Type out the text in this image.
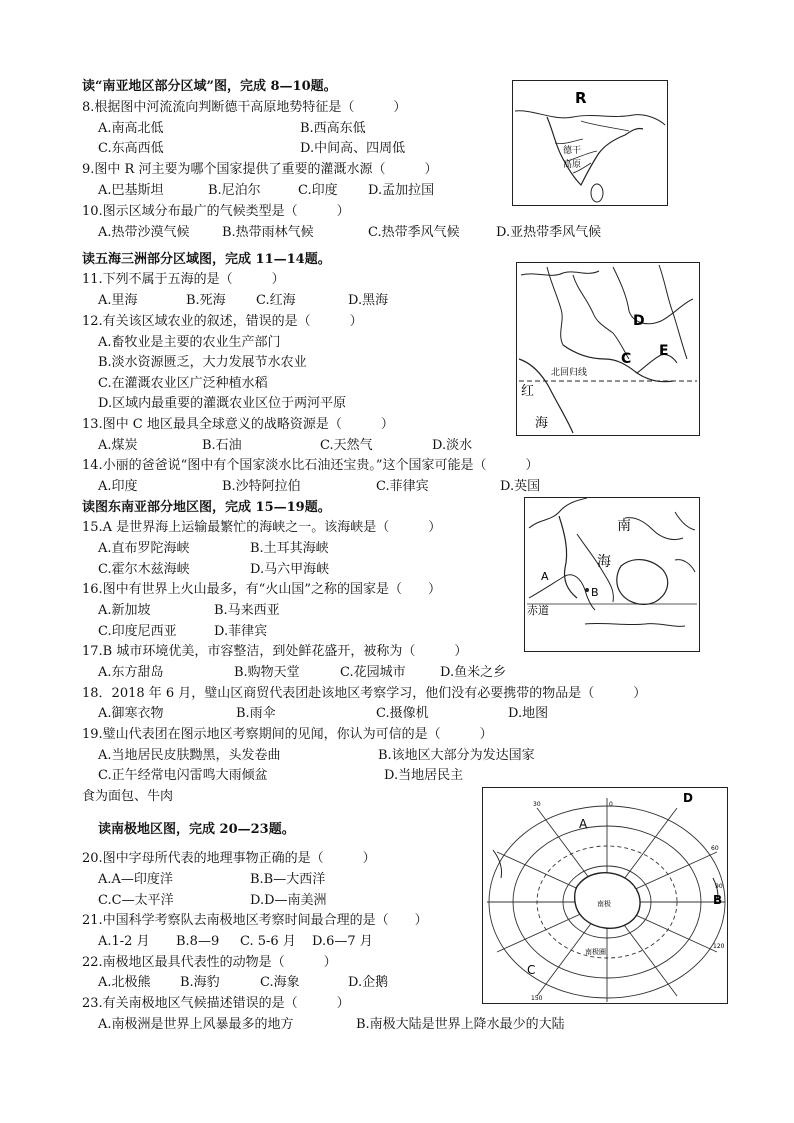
读“南亚地区部分区域”图，完成 8—10题。
8.根据图中河流流向判断德干高原地势特征是（　　　）
A.南高北低	B.西高东低
C.东高西低	D.中间高、四周低
9.图中 R 河主要为哪个国家提供了重要的灌溉水源（　　　）
A.巴基斯坦	B.尼泊尔	C.印度 D.孟加拉国
10.图示区域分布最广的气候类型是（　　　）
A.热带沙漠气候 B.热带雨林气候	C.热带季风气候	D.亚热带季风气候
R
德干
高原
读五海三洲部分区域图，完成 11—14题。
11.下列不属于五海的是（　　　）
A.里海	B.死海 C.红海	D.黑海
12.有关该区域农业的叙述，错误的是（　　　）
A.畜牧业是主要的农业生产部门
B.淡水资源匮乏，大力发展节水农业
C.在灌溉农业区广泛种植水稻
D.区域内最重要的灌溉农业区位于两河平原
13.图中 C 地区最具全球意义的战略资源是（　　　）
A.煤炭	B.石油	C.天然气	D.淡水
14.小丽的爸爸说“图中有个国家淡水比石油还宝贵。”这个国家可能是（　　　）
A.印度	B.沙特阿拉伯	C.菲律宾	D.英国
D
C E
北回归线
红
海
读图东南亚部分地区图，完成 15—19题。
15.A 是世界海上运输最繁忙的海峡之一。该海峡是（　　　）
A.直布罗陀海峡	B.土耳其海峡
C.霍尔木兹海峡	D.马六甲海峡
16.图中有世界上火山最多，有“火山国”之称的国家是（　　）
A.新加坡	B.马来西亚
C.印度尼西亚	D.菲律宾
17.B 城市环境优美，市容整洁，到处鲜花盛开，被称为（　　　）
A.东方甜岛	B.购物天堂	C.花园城市	D.鱼米之乡
18．2018 年 6 月，璧山区商贸代表团赴该地区考察学习，他们没有必要携带的物品是（　　　）
A.御寒衣物	B.雨伞	C.摄像机	D.地图
19.璧山代表团在图示地区考察期间的见闻，你认为可信的是（　　　）
A.当地居民皮肤黝黑，头发卷曲	B.该地区大部分为发达国家
C.正午经常电闪雷鸣大雨倾盆	D.当地居民主
食为面包、牛肉
南
海
A
B
赤道
读南极地区图，完成 20—23题。
20.图中字母所代表的地理事物正确的是（　　　）
A.A—印度洋	B.B—大西洋
C.C—太平洋	D.D—南美洲
21.中国科学考察队去南极地区考察时间最合理的是（　　）
A.1-2 月 B.8—9 C. 5-6 月 D.6—7 月
22.南极地区最具代表性的动物是（　　　）
A.北极熊 B.海豹	C.海象	D.企鹅
23.有关南极地区气候描述错误的是（　　　）
A.南极洲是世界上风暴最多的地方	B.南极大陆是世界上降水最少的大陆
南极
南极圈
A
B
C
D
30
150
120
90
60
0
